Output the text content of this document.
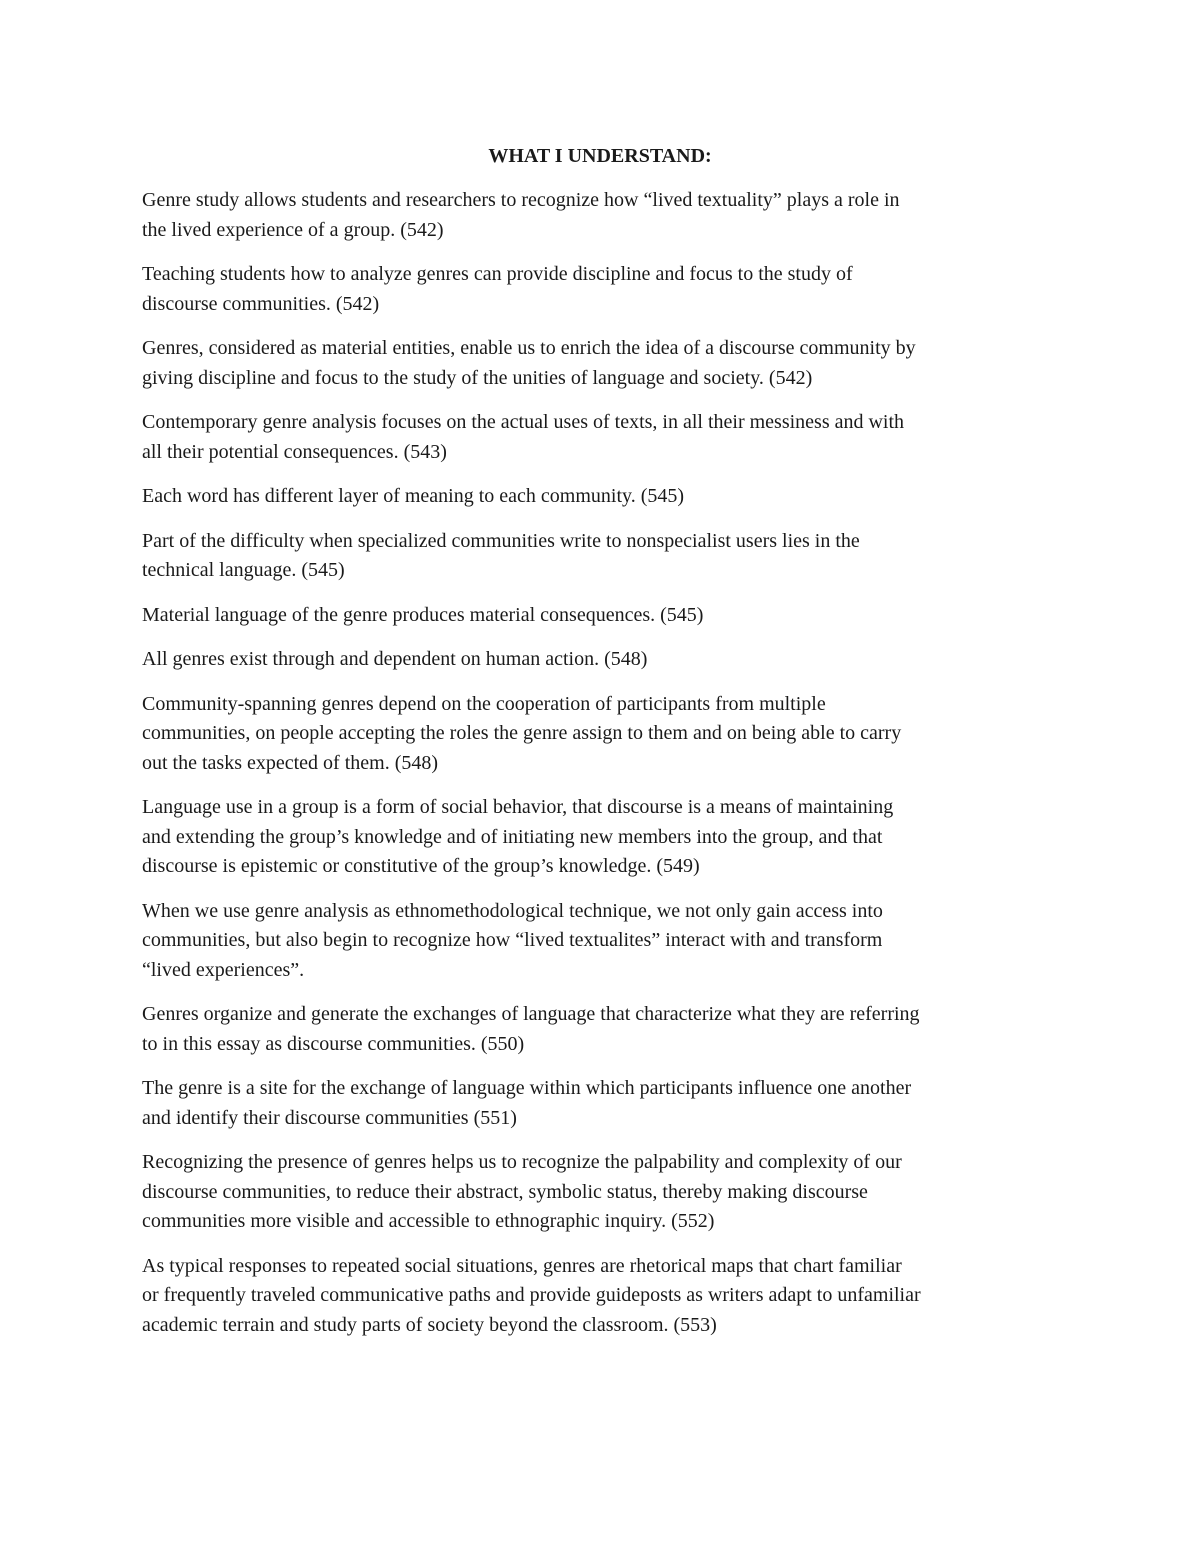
WHAT I UNDERSTAND:

Genre study allows students and researchers to recognize how “lived textuality” plays a role in
the lived experience of a group. (542)

Teaching students how to analyze genres can provide discipline and focus to the study of
discourse communities. (542)

Genres, considered as material entities, enable us to enrich the idea of a discourse community by
giving discipline and focus to the study of the unities of language and society. (542)

Contemporary genre analysis focuses on the actual uses of texts, in all their messiness and with
all their potential consequences. (543)

Each word has different layer of meaning to each community. (545)

Part of the difficulty when specialized communities write to nonspecialist users lies in the
technical language. (545)

Material language of the genre produces material consequences. (545)

All genres exist through and dependent on human action. (548)

Community-spanning genres depend on the cooperation of participants from multiple
communities, on people accepting the roles the genre assign to them and on being able to carry
out the tasks expected of them. (548)

Language use in a group is a form of social behavior, that discourse is a means of maintaining
and extending the group’s knowledge and of initiating new members into the group, and that
discourse is epistemic or constitutive of the group’s knowledge. (549)

When we use genre analysis as ethnomethodological technique, we not only gain access into
communities, but also begin to recognize how “lived textualites” interact with and transform
“lived experiences”.

Genres organize and generate the exchanges of language that characterize what they are referring
to in this essay as discourse communities. (550)

The genre is a site for the exchange of language within which participants influence one another
and identify their discourse communities (551)

Recognizing the presence of genres helps us to recognize the palpability and complexity of our
discourse communities, to reduce their abstract, symbolic status, thereby making discourse
communities more visible and accessible to ethnographic inquiry. (552)

As typical responses to repeated social situations, genres are rhetorical maps that chart familiar
or frequently traveled communicative paths and provide guideposts as writers adapt to unfamiliar
academic terrain and study parts of society beyond the classroom. (553)
